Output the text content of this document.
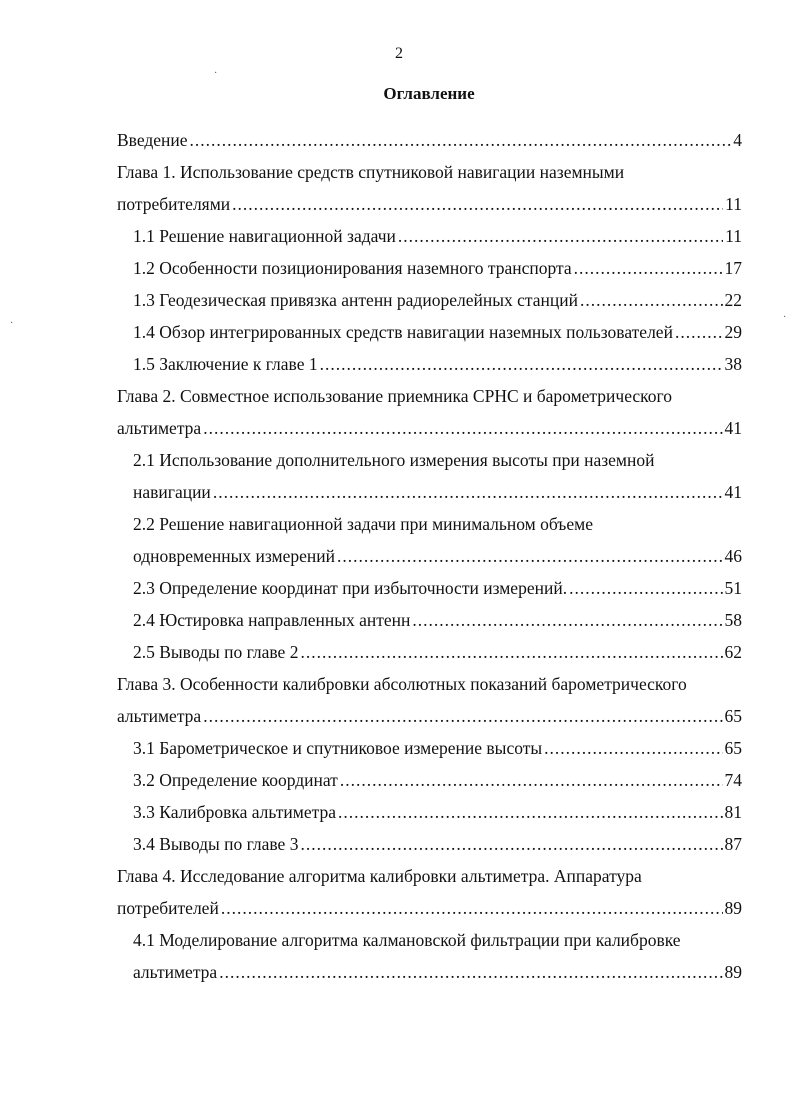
2
Оглавление
·
·
·
Введение .....	4
Глава 1. Использование средств спутниковой навигации наземными
потребителями .....	11
1.1 Решение навигационной задачи .....	11
1.2 Особенности позиционирования наземного транспорта .....	17
1.3 Геодезическая привязка антенн радиорелейных станций .....	22
1.4 Обзор интегрированных средств навигации наземных пользователей .....	29
1.5 Заключение к главе 1 .....	38
Глава 2. Совместное использование приемника СРНС и барометрического
альтиметра .....	41
2.1 Использование дополнительного измерения высоты при наземной
навигации .....	41
2.2 Решение навигационной задачи при минимальном объеме
одновременных измерений .....	46
2.3 Определение координат при избыточности измерений. .....	51
2.4 Юстировка направленных антенн .....	58
2.5 Выводы по главе 2 .....	62
Глава 3. Особенности калибровки абсолютных показаний барометрического
альтиметра .....	65
3.1 Барометрическое и спутниковое измерение высоты .....	65
3.2 Определение координат .....	74
3.3 Калибровка альтиметра .....	81
3.4 Выводы по главе 3 .....	87
Глава 4. Исследование алгоритма калибровки альтиметра. Аппаратура
потребителей .....	89
4.1 Моделирование алгоритма калмановской фильтрации при калибровке
альтиметра .....	89
